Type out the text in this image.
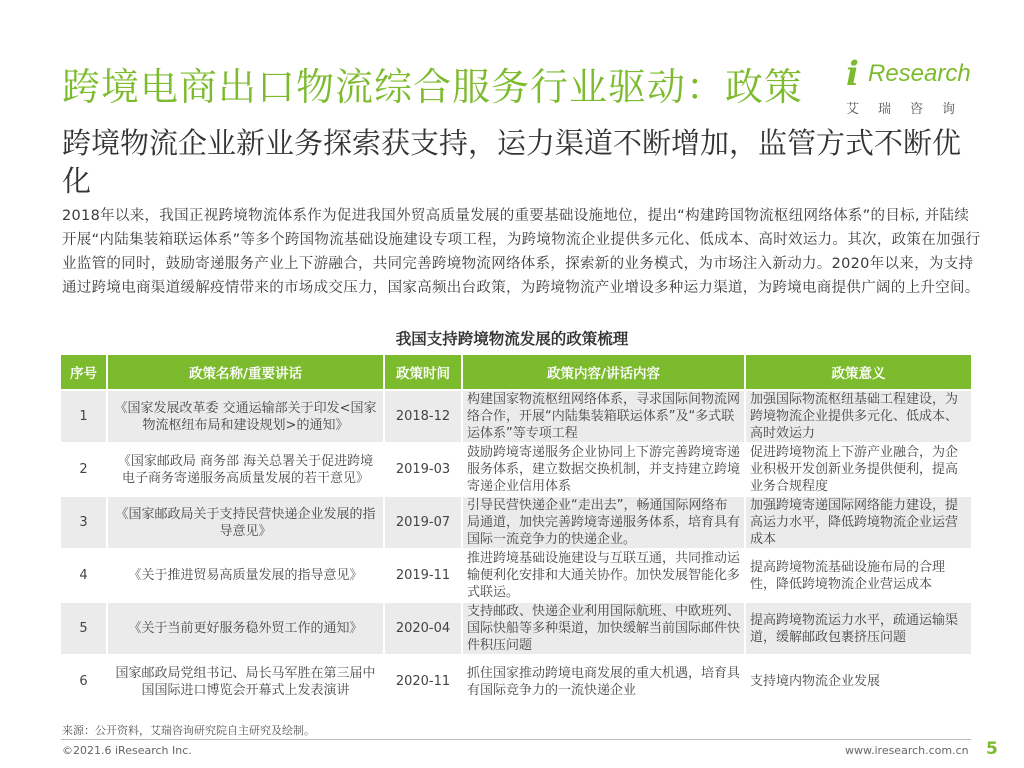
跨境电商出口物流综合服务行业驱动：政策 i Research
艾瑞咨询
跨境物流企业新业务探索获支持，运力渠道不断增加，监管方式不断优化
2018年以来，我国正视跨境物流体系作为促进我国外贸高质量发展的重要基础设施地位，提出“构建跨国物流枢纽网络体系”的目标, 并陆续开展“内陆集装箱联运体系”等多个跨国物流基础设施建设专项工程，为跨境物流企业提供多元化、低成本、高时效运力。其次，政策在加强行业监管的同时，鼓励寄递服务产业上下游融合，共同完善跨境物流网络体系，探索新的业务模式，为市场注入新动力。2020年以来，为支持通过跨境电商渠道缓解疫情带来的市场成交压力，国家高频出台政策，为跨境物流产业增设多种运力渠道，为跨境电商提供广阔的上升空间。
我国支持跨境物流发展的政策梳理
序号	政策名称/重要讲话	政策时间	政策内容/讲话内容	政策意义
1	《国家发展改革委 交通运输部关于印发<国家物流枢纽布局和建设规划>的通知》	2018-12	构建国家物流枢纽网络体系，寻求国际间物流网络合作，开展“内陆集装箱联运体系”及“多式联运体系”等专项工程	加强国际物流枢纽基础工程建设，为跨境物流企业提供多元化、低成本、高时效运力
2	《国家邮政局 商务部 海关总署关于促进跨境电子商务寄递服务高质量发展的若干意见》	2019-03	鼓励跨境寄递服务企业协同上下游完善跨境寄递服务体系，建立数据交换机制，并支持建立跨境寄递企业信用体系	促进跨境物流上下游产业融合，为企业积极开发创新业务提供便利，提高业务合规程度
3	《国家邮政局关于支持民营快递企业发展的指导意见》	2019-07	引导民营快递企业“走出去”，畅通国际网络布局通道，加快完善跨境寄递服务体系，培育具有国际一流竞争力的快递企业。	加强跨境寄递国际网络能力建设，提高运力水平，降低跨境物流企业运营成本
4	《关于推进贸易高质量发展的指导意见》	2019-11	推进跨境基础设施建设与互联互通，共同推动运输便利化安排和大通关协作。加快发展智能化多式联运。	提高跨境物流基础设施布局的合理性，降低跨境物流企业营运成本
5	《关于当前更好服务稳外贸工作的通知》	2020-04	支持邮政、快递企业利用国际航班、中欧班列、国际快船等多种渠道，加快缓解当前国际邮件快件积压问题	提高跨境物流运力水平，疏通运输渠道，缓解邮政包裹挤压问题
6	国家邮政局党组书记、局长马军胜在第三届中国国际进口博览会开幕式上发表演讲	2020-11	抓住国家推动跨境电商发展的重大机遇，培育具有国际竞争力的一流快递企业	支持境内物流企业发展
来源：公开资料，艾瑞咨询研究院自主研究及绘制。
©2021.6 iResearch Inc.	www.iresearch.com.cn 5
